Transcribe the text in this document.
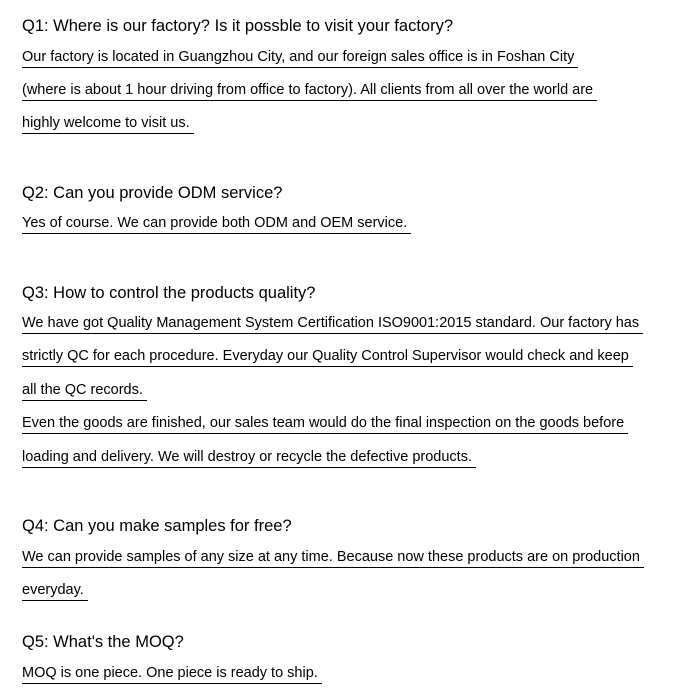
Q1: Where is our factory? Is it possble to visit your factory?
Our factory is located in Guangzhou City, and our foreign sales office is in Foshan City
(where is about 1 hour driving from office to factory). All clients from all over the world are
highly welcome to visit us.
Q2: Can you provide ODM service?
Yes of course. We can provide both ODM and OEM service.
Q3: How to control the products quality?
We have got Quality Management System Certification ISO9001:2015 standard. Our factory has
strictly QC for each procedure. Everyday our Quality Control Supervisor would check and keep
all the QC records.
Even the goods are finished, our sales team would do the final inspection on the goods before
loading and delivery. We will destroy or recycle the defective products.
Q4: Can you make samples for free?
We can provide samples of any size at any time. Because now these products are on production
everyday.
Q5: What's the MOQ?
MOQ is one piece. One piece is ready to ship.
